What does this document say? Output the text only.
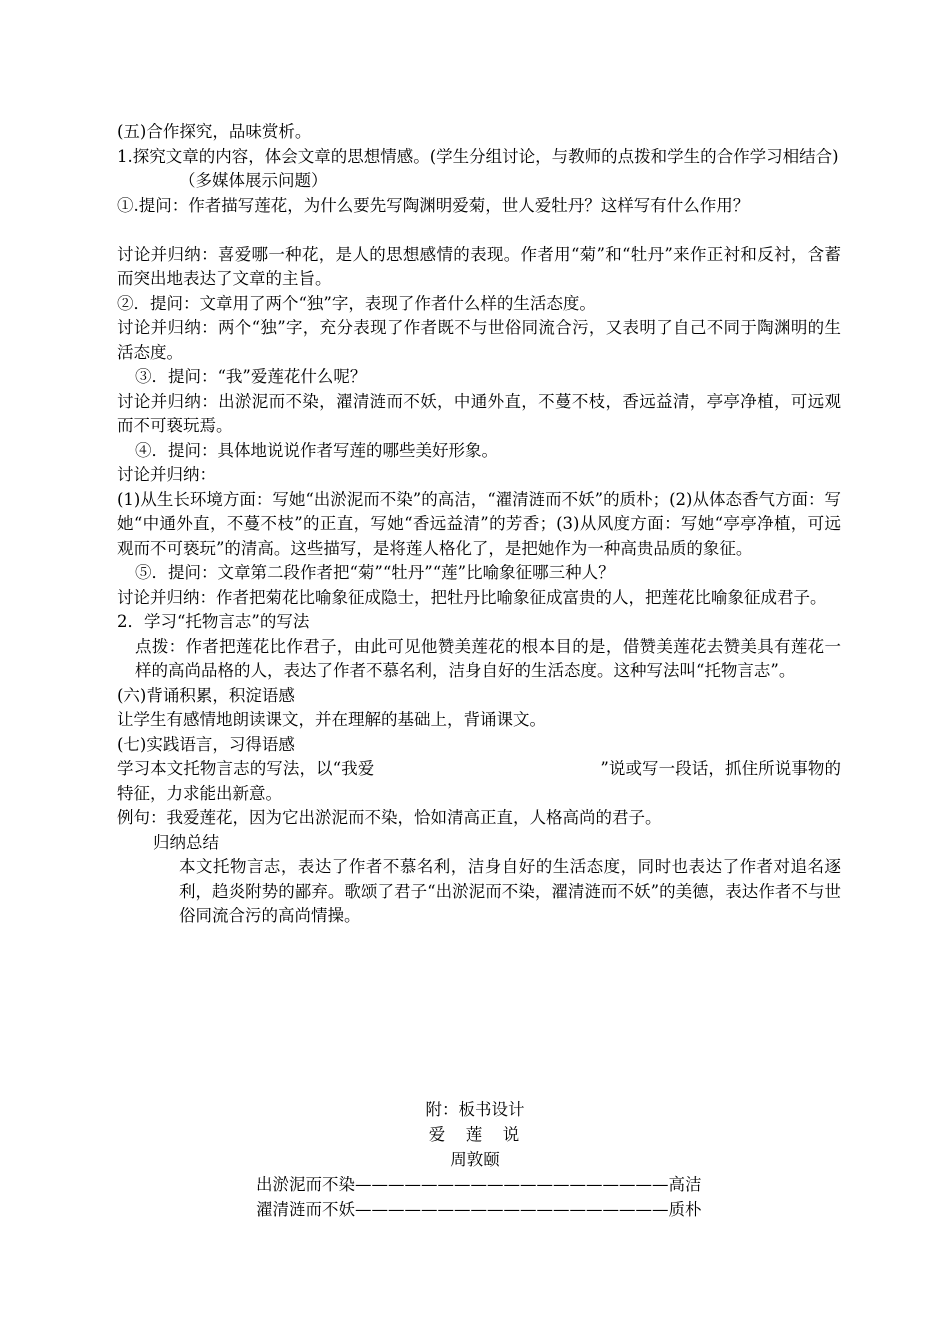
(五)合作探究，品味赏析。

1.探究文章的内容，体会文章的思想情感。(学生分组讨论，与教师的点拨和学生的合作学习相结合)

（多媒体展示问题）

①.提问：作者描写莲花，为什么要先写陶渊明爱菊，世人爱牡丹？这样写有什么作用？

讨论并归纳：喜爱哪一种花，是人的思想感情的表现。作者用“菊”和“牡丹”来作正衬和反衬，含蓄而突出地表达了文章的主旨。

②．提问：文章用了两个“独”字，表现了作者什么样的生活态度。

讨论并归纳：两个“独”字，充分表现了作者既不与世俗同流合污，又表明了自己不同于陶渊明的生活态度。

③．提问：“我”爱莲花什么呢？

讨论并归纳：出淤泥而不染，濯清涟而不妖，中通外直，不蔓不枝，香远益清，亭亭净植，可远观而不可亵玩焉。

④．提问：具体地说说作者写莲的哪些美好形象。

讨论并归纳：

(1)从生长环境方面：写她“出淤泥而不染”的高洁，“濯清涟而不妖”的质朴；(2)从体态香气方面：写她“中通外直，不蔓不枝”的正直，写她“香远益清”的芳香；(3)从风度方面：写她“亭亭净植，可远观而不可亵玩”的清高。这些描写，是将莲人格化了，是把她作为一种高贵品质的象征。

⑤．提问：文章第二段作者把“菊”“牡丹”“莲”比喻象征哪三种人？

讨论并归纳：作者把菊花比喻象征成隐士，把牡丹比喻象征成富贵的人，把莲花比喻象征成君子。

2．学习“托物言志”的写法

点拨：作者把莲花比作君子，由此可见他赞美莲花的根本目的是，借赞美莲花去赞美具有莲花一样的高尚品格的人，表达了作者不慕名利，洁身自好的生活态度。这种写法叫“托物言志”。

(六)背诵积累，积淀语感

让学生有感情地朗读课文，并在理解的基础上，背诵课文。

(七)实践语言，习得语感

学习本文托物言志的写法，以“我爱	”说或写一段话，抓住所说事物的特征，力求能出新意。

例句：我爱莲花，因为它出淤泥而不染，恰如清高正直，人格高尚的君子。

归纳总结

本文托物言志，表达了作者不慕名利，洁身自好的生活态度，同时也表达了作者对追名逐利，趋炎附势的鄙弃。歌颂了君子“出淤泥而不染，濯清涟而不妖”的美德，表达作者不与世俗同流合污的高尚情操。

附：板书设计
爱　莲　说
周敦颐
出淤泥而不染———————————————————高洁
濯清涟而不妖———————————————————质朴
